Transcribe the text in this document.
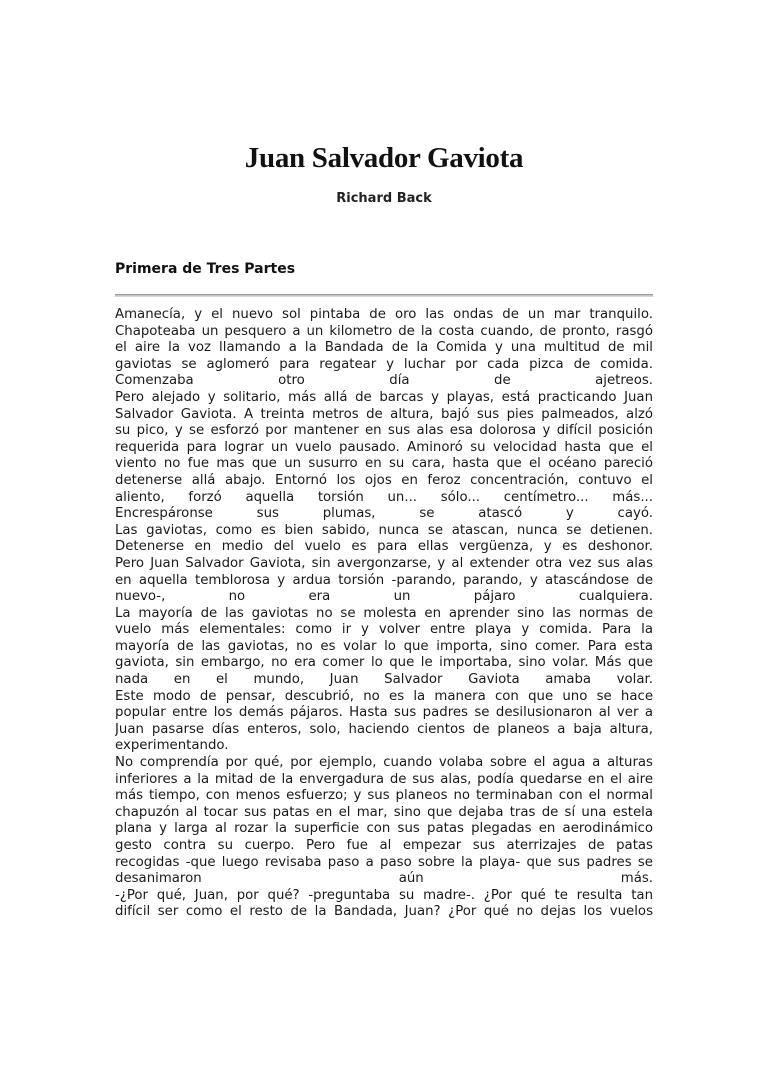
Juan Salvador Gaviota
Richard Back
Primera de Tres Partes
Amanecía, y el nuevo sol pintaba de oro las ondas de un mar tranquilo.
Chapoteaba un pesquero a un kilometro de la costa cuando, de pronto, rasgó
el aire la voz llamando a la Bandada de la Comida y una multitud de mil
gaviotas se aglomeró para regatear y luchar por cada pizca de comida.
Comenzaba otro día de ajetreos.
Pero alejado y solitario, más allá de barcas y playas, está practicando Juan
Salvador Gaviota. A treinta metros de altura, bajó sus pies palmeados, alzó
su pico, y se esforzó por mantener en sus alas esa dolorosa y difícil posición
requerida para lograr un vuelo pausado. Aminoró su velocidad hasta que el
viento no fue mas que un susurro en su cara, hasta que el océano pareció
detenerse allá abajo. Entornó los ojos en feroz concentración, contuvo el
aliento, forzó aquella torsión un... sólo... centímetro... más...
Encrespáronse sus plumas, se atascó y cayó.
Las gaviotas, como es bien sabido, nunca se atascan, nunca se detienen.
Detenerse en medio del vuelo es para ellas vergüenza, y es deshonor.
Pero Juan Salvador Gaviota, sin avergonzarse, y al extender otra vez sus alas
en aquella temblorosa y ardua torsión -parando, parando, y atascándose de
nuevo-, no era un pájaro cualquiera.
La mayoría de las gaviotas no se molesta en aprender sino las normas de
vuelo más elementales: como ir y volver entre playa y comida. Para la
mayoría de las gaviotas, no es volar lo que importa, sino comer. Para esta
gaviota, sin embargo, no era comer lo que le importaba, sino volar. Más que
nada en el mundo, Juan Salvador Gaviota amaba volar.
Este modo de pensar, descubrió, no es la manera con que uno se hace
popular entre los demás pájaros. Hasta sus padres se desilusionaron al ver a
Juan pasarse días enteros, solo, haciendo cientos de planeos a baja altura,
experimentando.
No comprendía por qué, por ejemplo, cuando volaba sobre el agua a alturas
inferiores a la mitad de la envergadura de sus alas, podía quedarse en el aire
más tiempo, con menos esfuerzo; y sus planeos no terminaban con el normal
chapuzón al tocar sus patas en el mar, sino que dejaba tras de sí una estela
plana y larga al rozar la superficie con sus patas plegadas en aerodinámico
gesto contra su cuerpo. Pero fue al empezar sus aterrizajes de patas
recogidas -que luego revisaba paso a paso sobre la playa- que sus padres se
desanimaron aún más.
-¿Por qué, Juan, por qué? -preguntaba su madre-. ¿Por qué te resulta tan
difícil ser como el resto de la Bandada, Juan? ¿Por qué no dejas los vuelos
